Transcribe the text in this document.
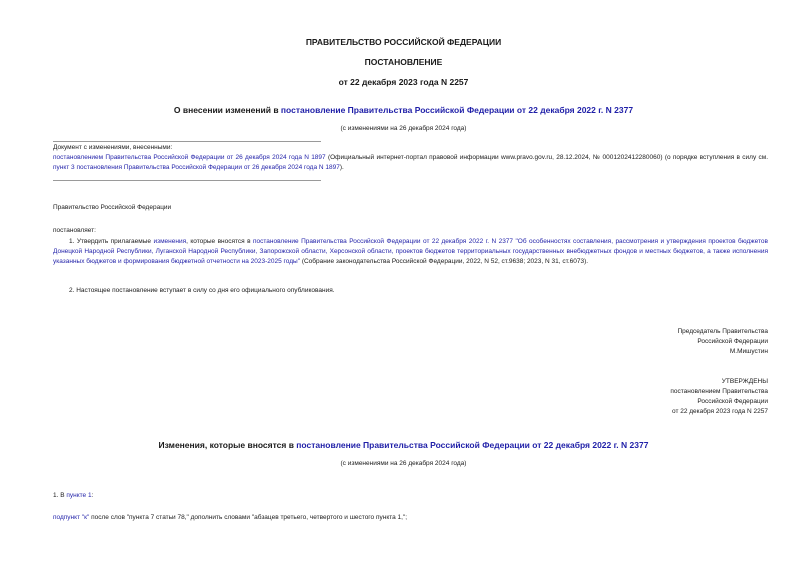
ПРАВИТЕЛЬСТВО РОССИЙСКОЙ ФЕДЕРАЦИИ
ПОСТАНОВЛЕНИЕ
от 22 декабря 2023 года N 2257
О внесении изменений в постановление Правительства Российской Федерации от 22 декабря 2022 г. N 2377
(с изменениями на 26 декабря 2024 года)
Документ с изменениями, внесенными:
постановлением Правительства Российской Федерации от 26 декабря 2024 года N 1897 (Официальный интернет-портал правовой информации www.pravo.gov.ru, 28.12.2024, № 0001202412280060) (о порядке вступления в силу см. пункт 3 постановления Правительства Российской Федерации от 26 декабря 2024 года N 1897).
Правительство Российской Федерации
постановляет:
1. Утвердить прилагаемые изменения, которые вносятся в постановление Правительства Российской Федерации от 22 декабря 2022 г. N 2377 "Об особенностях составления, рассмотрения и утверждения проектов бюджетов Донецкой Народной Республики, Луганской Народной Республики, Запорожской области, Херсонской области, проектов бюджетов территориальных государственных внебюджетных фондов и местных бюджетов, а также исполнения указанных бюджетов и формирования бюджетной отчетности на 2023-2025 годы" (Собрание законодательства Российской Федерации, 2022, N 52, ст.9638; 2023, N 31, ст.6073).
2. Настоящее постановление вступает в силу со дня его официального опубликования.
Председатель Правительства
Российской Федерации
М.Мишустин
УТВЕРЖДЕНЫ
постановлением Правительства
Российской Федерации
от 22 декабря 2023 года N 2257
Изменения, которые вносятся в постановление Правительства Российской Федерации от 22 декабря 2022 г. N 2377
(с изменениями на 26 декабря 2024 года)
1. В пункте 1:
подпункт "к" после слов "пункта 7 статьи 78," дополнить словами "абзацев третьего, четвертого и шестого пункта 1,";
